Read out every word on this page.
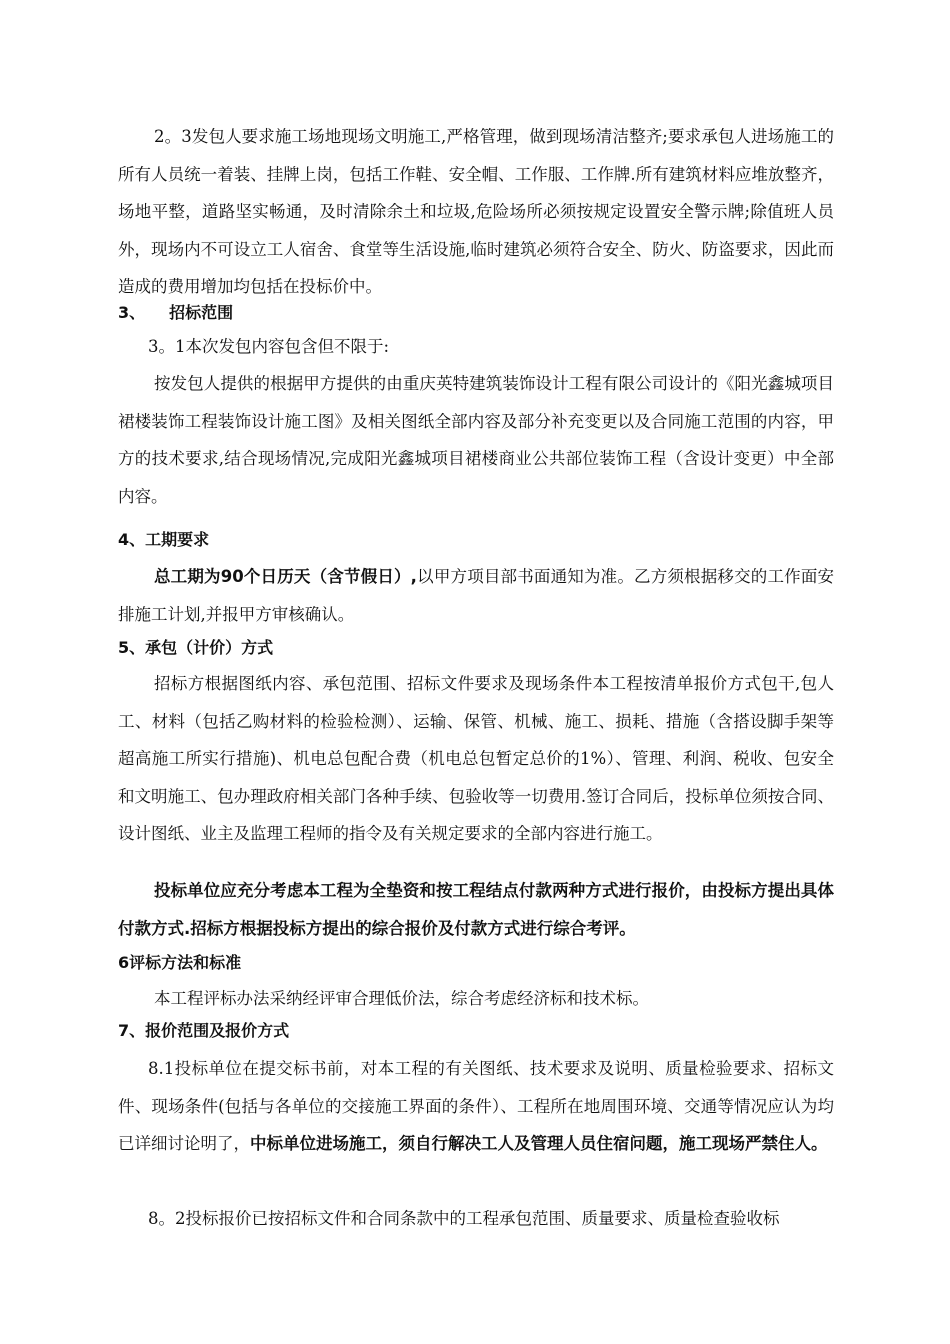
2。3发包人要求施工场地现场文明施工,严格管理，做到现场清洁整齐;要求承包人进场施工的所有人员统一着装、挂牌上岗，包括工作鞋、安全帽、工作服、工作牌.所有建筑材料应堆放整齐，场地平整，道路坚实畅通，及时清除余土和垃圾,危险场所必须按规定设置安全警示牌;除值班人员外，现场内不可设立工人宿舍、食堂等生活设施,临时建筑必须符合安全、防火、防盗要求，因此而造成的费用增加均包括在投标价中。

3、 招标范围

3。1本次发包内容包含但不限于:

按发包人提供的根据甲方提供的由重庆英特建筑装饰设计工程有限公司设计的《阳光鑫城项目裙楼装饰工程装饰设计施工图》及相关图纸全部内容及部分补充变更以及合同施工范围的内容，甲方的技术要求,结合现场情况,完成阳光鑫城项目裙楼商业公共部位装饰工程（含设计变更）中全部内容。

4、工期要求

总工期为90个日历天（含节假日）,以甲方项目部书面通知为准。乙方须根据移交的工作面安排施工计划,并报甲方审核确认。

5、承包（计价）方式

招标方根据图纸内容、承包范围、招标文件要求及现场条件本工程按清单报价方式包干,包人工、材料（包括乙购材料的检验检测）、运输、保管、机械、施工、损耗、措施（含搭设脚手架等超高施工所实行措施)、机电总包配合费（机电总包暂定总价的1%）、管理、利润、税收、包安全和文明施工、包办理政府相关部门各种手续、包验收等一切费用.签订合同后，投标单位须按合同、设计图纸、业主及监理工程师的指令及有关规定要求的全部内容进行施工。

投标单位应充分考虑本工程为全垫资和按工程结点付款两种方式进行报价，由投标方提出具体付款方式.招标方根据投标方提出的综合报价及付款方式进行综合考评。

6评标方法和标准

本工程评标办法采纳经评审合理低价法，综合考虑经济标和技术标。

7、报价范围及报价方式

8.1投标单位在提交标书前，对本工程的有关图纸、技术要求及说明、质量检验要求、招标文件、现场条件(包括与各单位的交接施工界面的条件）、工程所在地周围环境、交通等情况应认为均已详细讨论明了，中标单位进场施工，须自行解决工人及管理人员住宿问题，施工现场严禁住人。

8。2投标报价已按招标文件和合同条款中的工程承包范围、质量要求、质量检查验收标
